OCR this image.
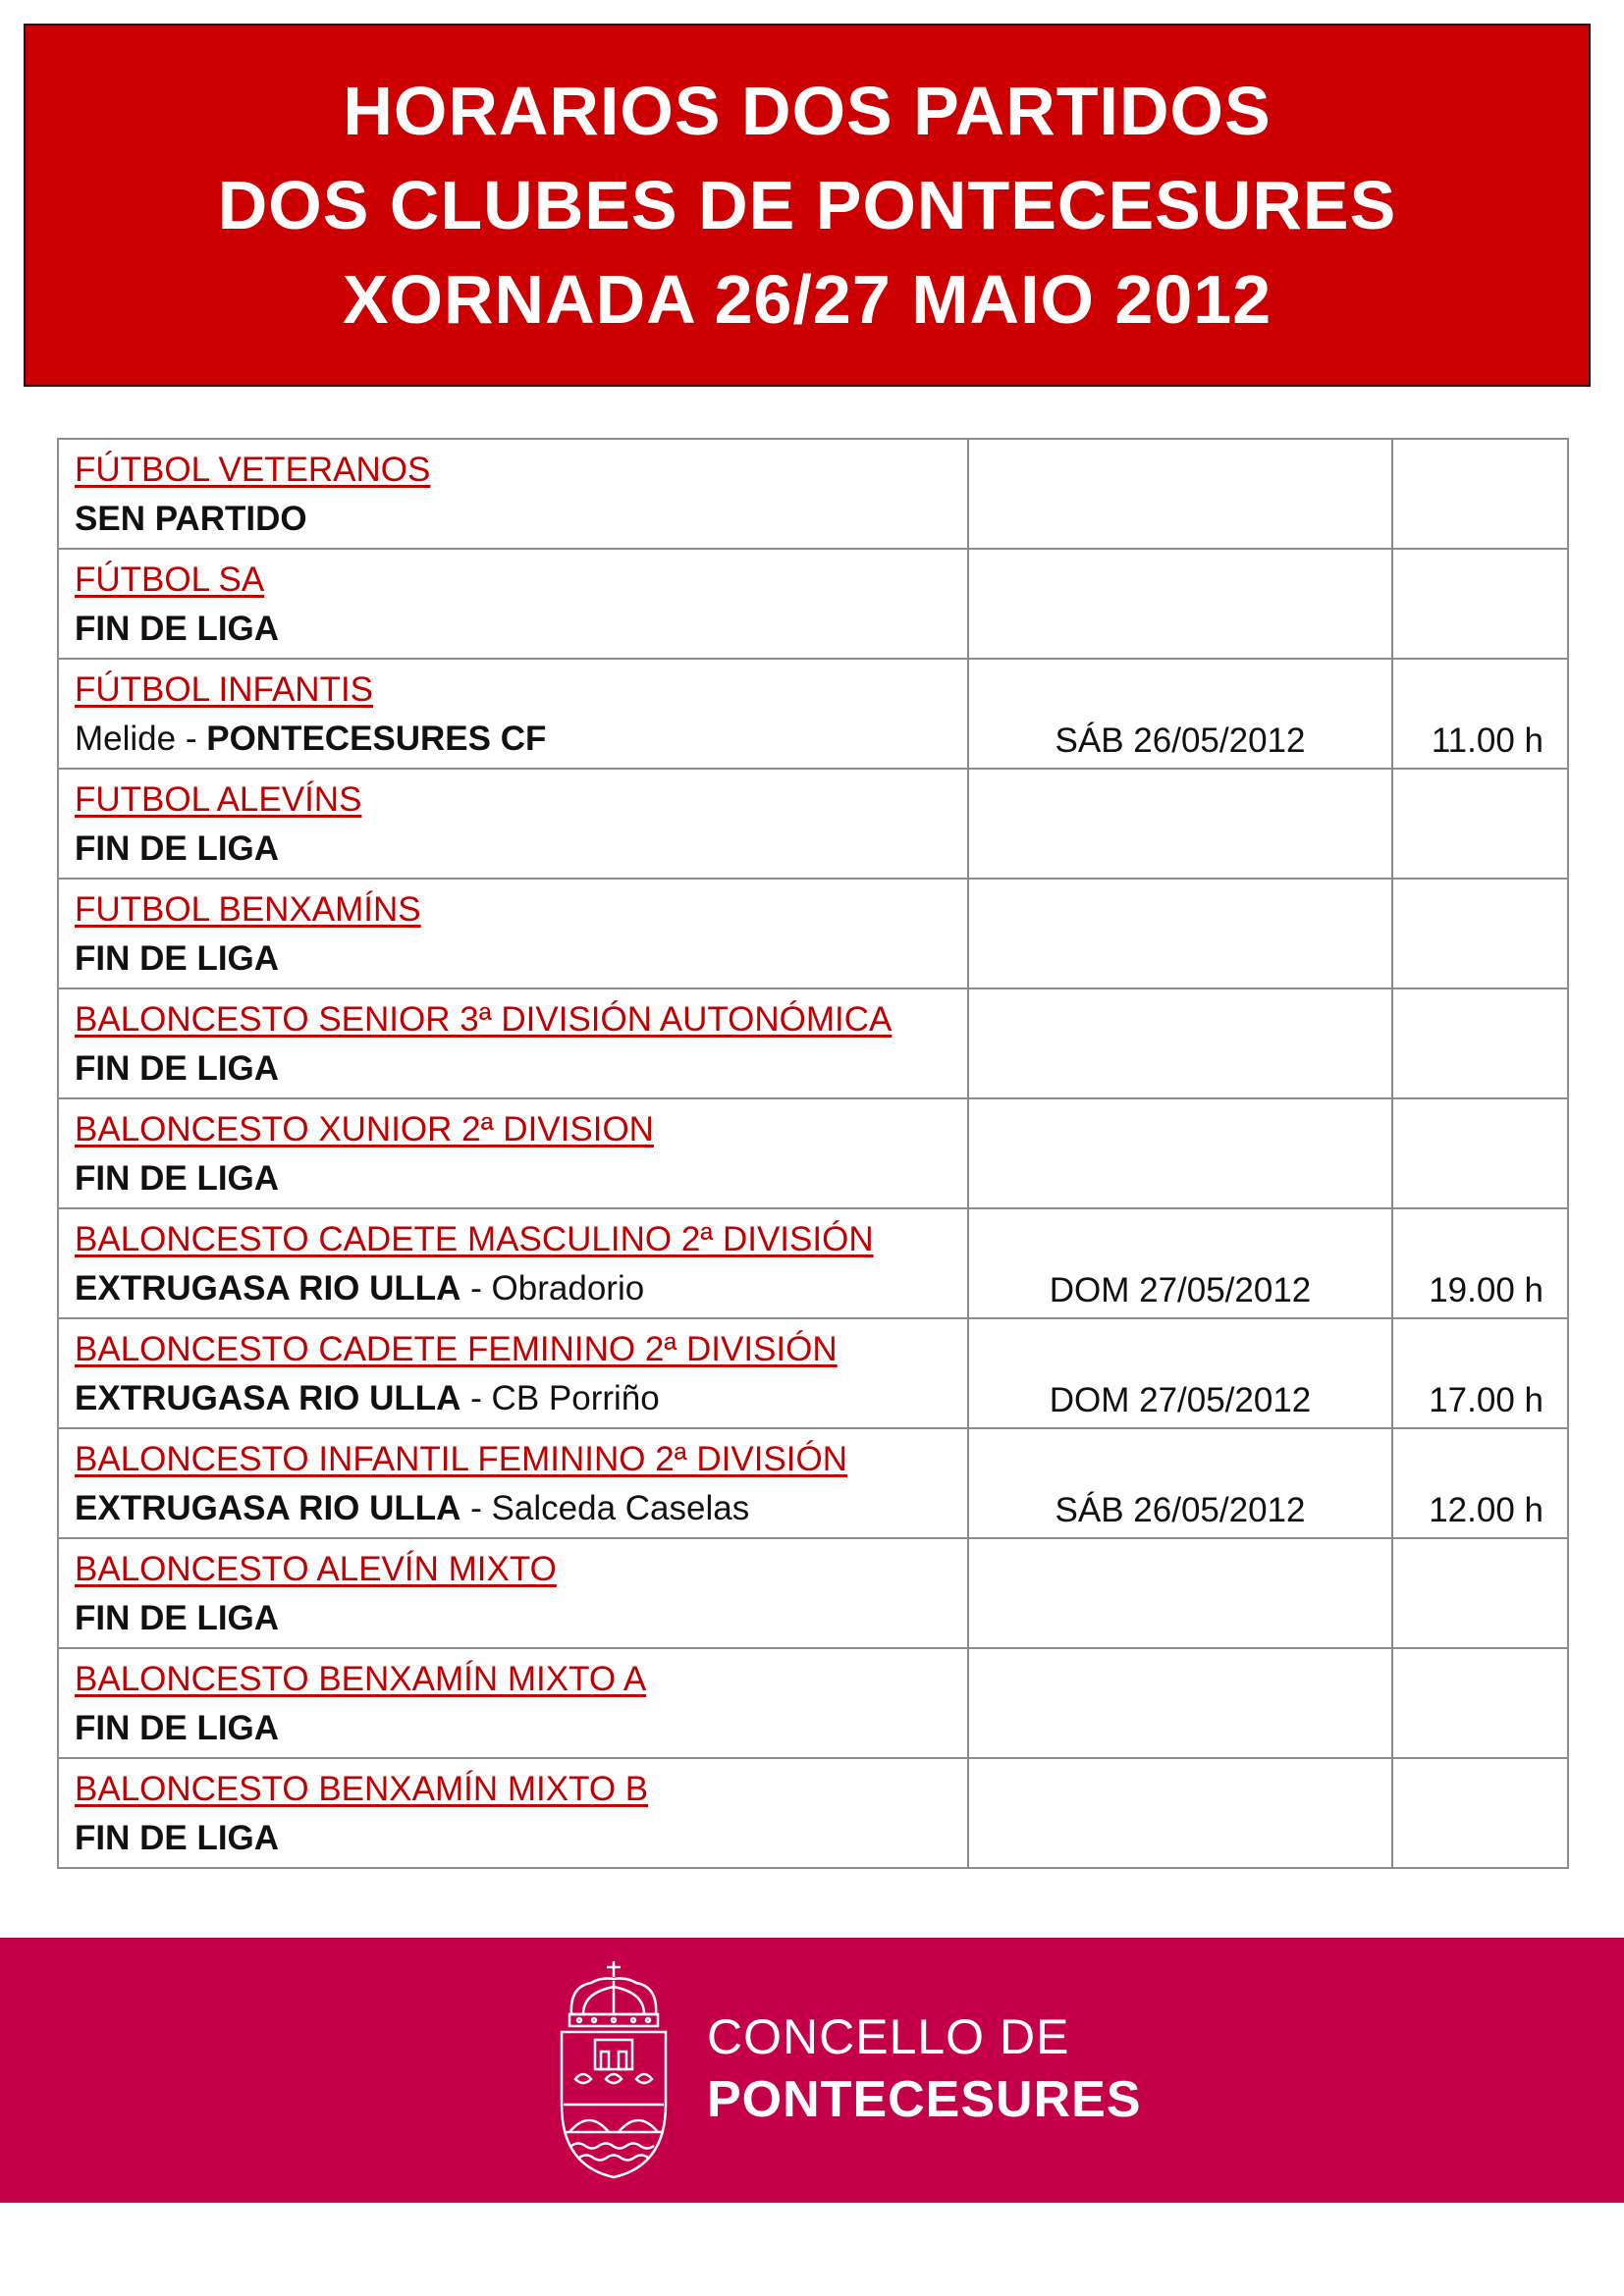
HORARIOS DOS PARTIDOS
DOS CLUBES DE PONTECESURES
XORNADA 26/27 MAIO 2012
FÚTBOL VETERANOS
SEN PARTIDO		

FÚTBOL SA
FIN DE LIGA		

FÚTBOL INFANTIS
Melide - PONTECESURES CF	SÁB 26/05/2012	11.00 h

FUTBOL ALEVÍNS
FIN DE LIGA		

FUTBOL BENXAMÍNS
FIN DE LIGA		

BALONCESTO SENIOR 3ª DIVISIÓN AUTONÓMICA
FIN DE LIGA		

BALONCESTO XUNIOR 2ª DIVISION
FIN DE LIGA		

BALONCESTO CADETE MASCULINO 2ª DIVISIÓN
EXTRUGASA RIO ULLA - Obradorio	DOM 27/05/2012	19.00 h

BALONCESTO CADETE FEMININO 2ª DIVISIÓN
EXTRUGASA RIO ULLA - CB Porriño	DOM 27/05/2012	17.00 h

BALONCESTO INFANTIL FEMININO 2ª DIVISIÓN
EXTRUGASA RIO ULLA - Salceda Caselas	SÁB 26/05/2012	12.00 h

BALONCESTO ALEVÍN MIXTO
FIN DE LIGA		

BALONCESTO BENXAMÍN MIXTO A
FIN DE LIGA		

BALONCESTO BENXAMÍN MIXTO B
FIN DE LIGA		

CONCELLO DE
PONTECESURES
